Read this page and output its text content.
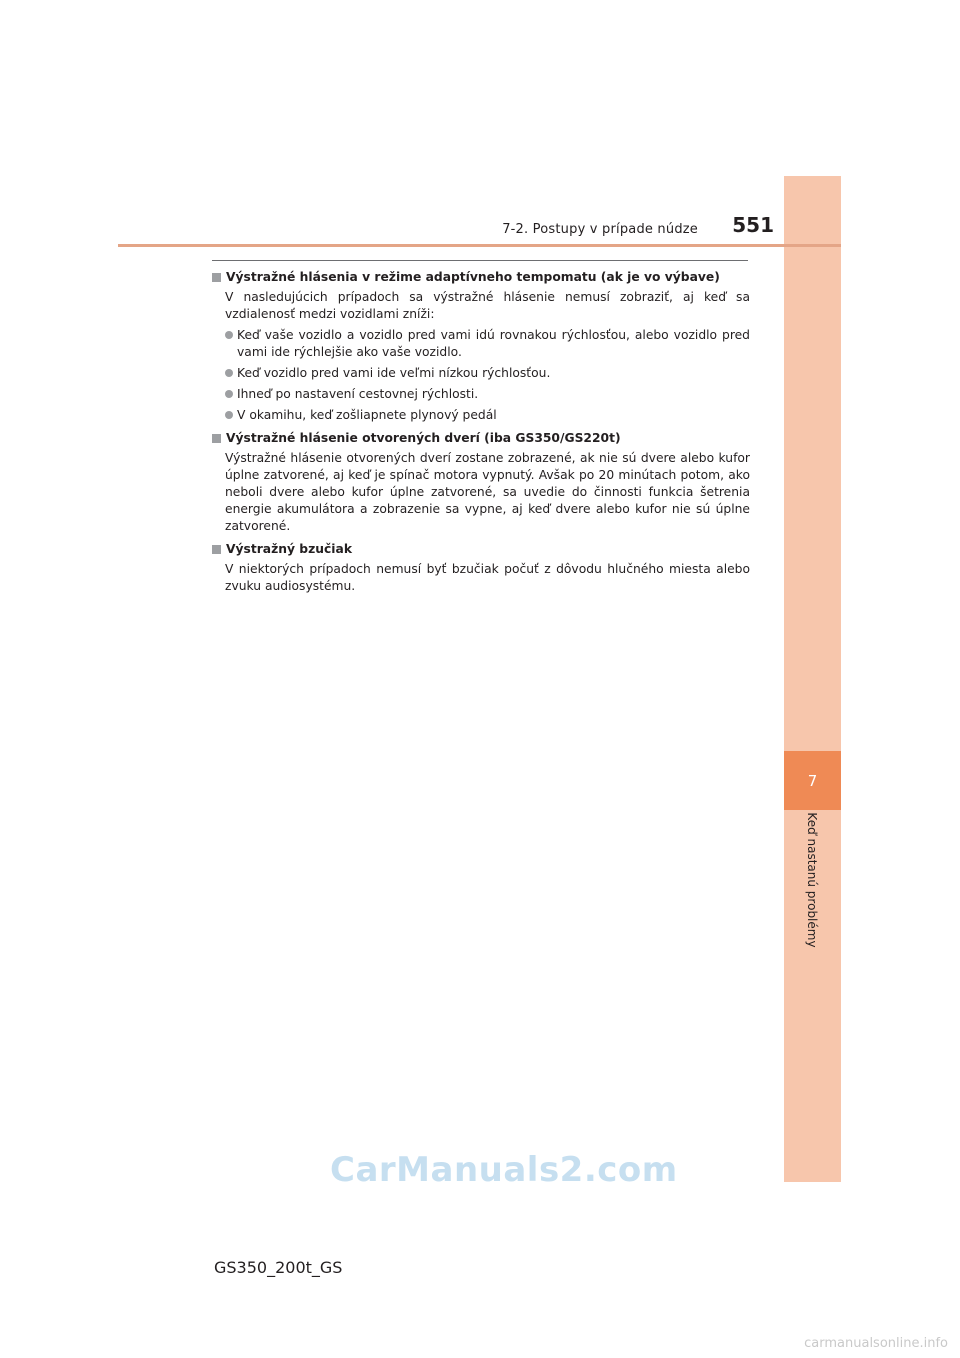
7
Keď nastanú problémy
7-2. Postupy v prípade núdze 551
Výstražné hlásenia v režime adaptívneho tempomatu (ak je vo výbave)
V nasledujúcich prípadoch sa výstražné hlásenie nemusí zobraziť, aj keď sa vzdialenosť medzi vozidlami zníži:
Keď vaše vozidlo a vozidlo pred vami idú rovnakou rýchlosťou, alebo vozidlo pred vami ide rýchlejšie ako vaše vozidlo.
Keď vozidlo pred vami ide veľmi nízkou rýchlosťou.
Ihneď po nastavení cestovnej rýchlosti.
V okamihu, keď zošliapnete plynový pedál
Výstražné hlásenie otvorených dverí (iba GS350/GS220t)
Výstražné hlásenie otvorených dverí zostane zobrazené, ak nie sú dvere alebo kufor úplne zatvorené, aj keď je spínač motora vypnutý. Avšak po 20 minútach potom, ako neboli dvere alebo kufor úplne zatvorené, sa uvedie do činnosti funkcia šetrenia energie akumulátora a zobrazenie sa vypne, aj keď dvere alebo kufor nie sú úplne zatvorené.
Výstražný bzučiak
V niektorých prípadoch nemusí byť bzučiak počuť z dôvodu hlučného miesta alebo zvuku audiosystému.
CarManuals2.com
GS350_200t_GS
carmanualsonline.info
